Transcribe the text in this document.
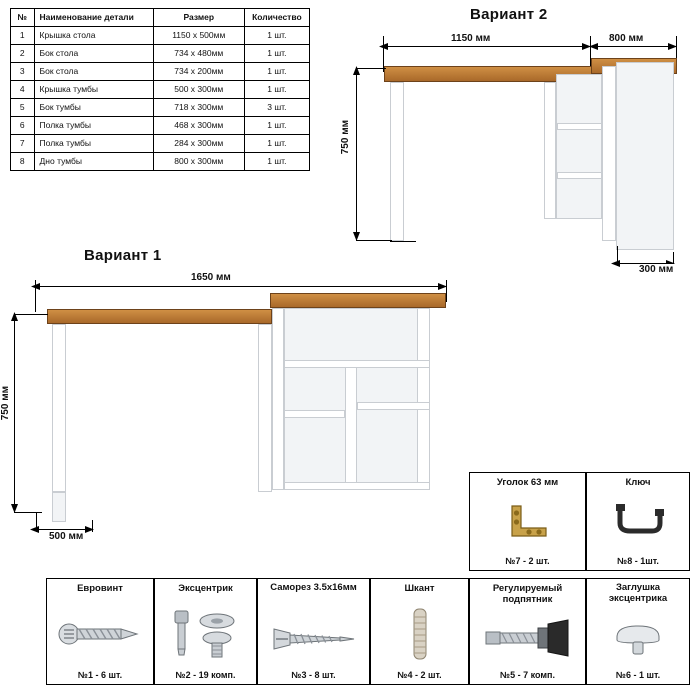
№	Наименование детали	Размер	Количество
1	Крышка стола	1150 x 500мм	1 шт.
2	Бок стола	734 х 480мм	1 шт.
3	Бок стола	734 х 200мм	1 шт.
4	Крышка тумбы	500 х 300мм	1 шт.
5	Бок тумбы	718 х 300мм	3 шт.
6	Полка тумбы	468 х 300мм	1 шт.
7	Полка тумбы	284 х 300мм	1 шт.
8	Дно тумбы	800 х 300мм	1 шт.
Вариант 2
1150 мм	800 мм
750 мм
300 мм
Вариант 1
1650 мм
750 мм
500 мм
Уголок 63 мм
№7 - 2 шт.
Ключ
№8 - 1шт.
Евровинт
№1 - 6 шт.
Эксцентрик
№2 - 19 комп.
Саморез 3.5х16мм
№3 - 8 шт.
Шкант
№4 - 2 шт.
Регулируемый подпятник
№5 - 7 комп.
Заглушка эксцентрика
№6 - 1 шт.
